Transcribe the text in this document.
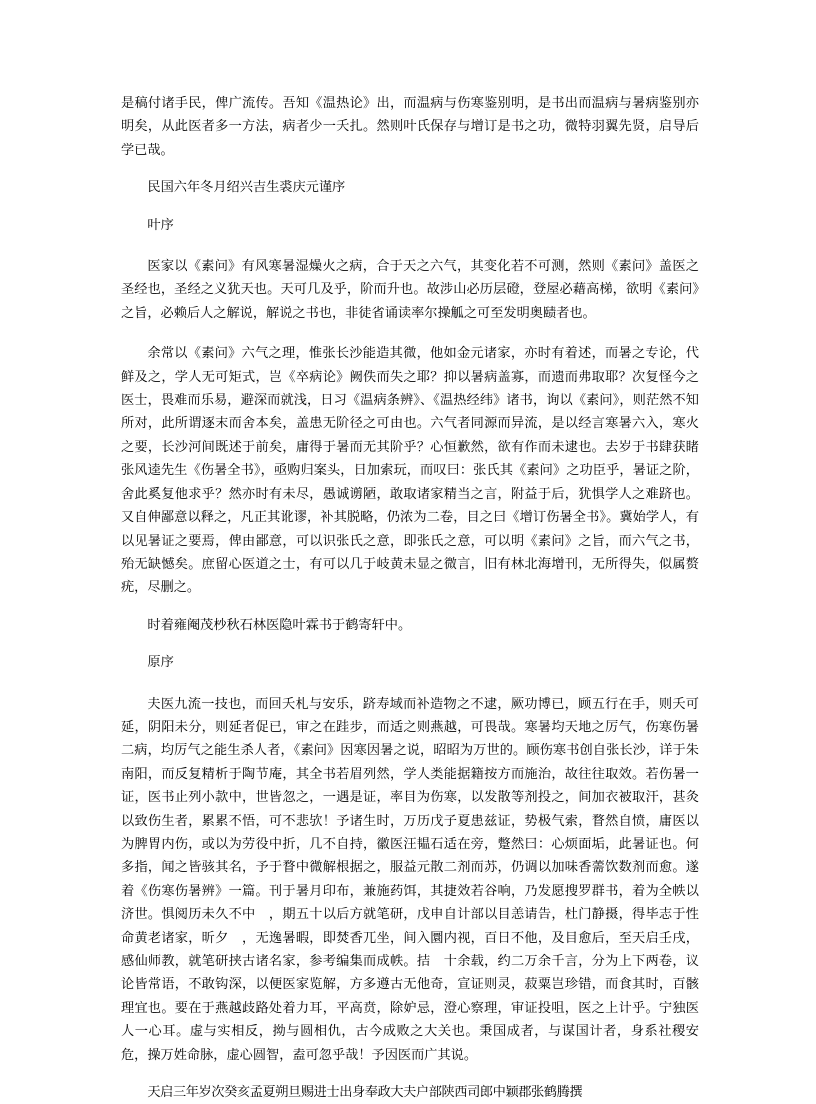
是稿付诸手民，俾广流传。吾知《温热论》出，而温病与伤寒鉴别明，是书出而温病与暑病鉴别亦明矣，从此医者多一方法，病者少一夭扎。然则叶氏保存与增订是书之功，微特羽翼先贤，启导后学已哉。

民国六年冬月绍兴吉生裘庆元谨序

叶序

医家以《素问》有风寒暑湿燥火之病，合于天之六气，其变化若不可测，然则《素问》盖医之圣经也，圣经之义犹天也。天可几及乎，阶而升也。故涉山必历层磴，登屋必藉高梯，欲明《素问》之旨，必赖后人之解说，解说之书也，非徒省诵读率尔操觚之可至发明奥赜者也。

余常以《素问》六气之理，惟张长沙能造其微，他如金元诸家，亦时有着述，而暑之专论，代鲜及之，学人无可矩式，岂《卒病论》阙佚而失之耶？抑以暑病盖寡，而遗而弗取耶？次复怪今之医士，畏难而乐易，避深而就浅，日习《温病条辨》、《温热经纬》诸书，询以《素问》，则茫然不知所对，此所谓逐末而舍本矣，盖患无阶径之可由也。六气者同源而异流，是以经言寒暑六入，寒火之要，长沙河间既述于前矣，庸得于暑而无其阶乎？心恒歉然，欲有作而未逮也。去岁于书肆获睹张风逵先生《伤暑全书》，亟购归案头，日加索玩，而叹曰：张氏其《素问》之功臣乎，暑证之阶，舍此奚复他求乎？然亦时有未尽，愚诚谫陋，敢取诸家精当之言，附益于后，犹惧学人之难跻也。又自伸鄙意以释之，凡正其讹谬，补其脱略，仍浓为二卷，目之曰《增订伤暑全书》。冀始学人，有以见暑证之要焉，俾由鄙意，可以识张氏之意，即张氏之意，可以明《素问》之旨，而六气之书，殆无缺憾矣。庶留心医道之士，有可以几于岐黄未显之微言，旧有林北海增刊，无所得失，似属赘疣，尽删之。

时着雍阉茂杪秋石林医隐叶霖书于鹤寄轩中。

原序

夫医九流一技也，而回夭札与安乐，跻寿域而补造物之不逮，厥功博已，顾五行在手，则夭可延，阴阳未分，则延者促已，审之在跬步，而适之则燕越，可畏哉。寒暑均天地之厉气，伤寒伤暑二病，均厉气之能生杀人者，《素问》因寒因暑之说，昭昭为万世的。顾伤寒书创自张长沙，详于朱南阳，而反复精析于陶节庵，其全书若眉列然，学人类能据籍按方而施治，故往往取效。若伤暑一证，医书止列小款中，世皆忽之，一遇是证，率目为伤寒，以发散等剂投之，间加衣被取汗，甚灸以致伤生者，累累不悟，可不悲欤！予诸生时，万历戊子夏患兹证，势极气索，瞀然自愤，庸医以为脾胃内伤，或以为劳役中折，几不自持，徽医汪韫石适在旁，蹩然曰：心烦面垢，此暑证也。何多指，闻之皆骇其名，予于瞀中微解根据之，服益元散二剂而苏，仍调以加味香薷饮数剂而愈。遂着《伤寒伤暑辨》一篇。刊于暑月印布，兼施药饵，其捷效若谷响，乃发愿搜罗群书，着为全帙以济世。惧阅历未久不中　，期五十以后方就笔研，戊申自计部以目恙请告，杜门静摄，得毕志于性命黄老诸家，昕夕　，无逸暑暇，即焚香兀坐，间入圜内视，百日不他，及目愈后，至天启壬戌，感仙师教，就笔研挟古诸名家，参考编集而成帙。拮　十余载，约二万余千言，分为上下两卷，议论皆常语，不敢钩深，以便医家览解，方多遵古无他奇，宣证则灵，菽粟岂珍错，而食其时，百骸理宜也。要在于燕越歧路处着力耳，平高贲，除妒忌，澄心察理，审证投咀，医之上计乎。宁独医人一心耳。虚与实相反，拗与圆相仇，古今成败之大关也。秉国成者，与谋国计者，身系社稷安危，操万姓命脉，虚心圆智，盍可忽乎哉！予因医而广其说。

天启三年岁次癸亥孟夏朔旦赐进士出身奉政大夫户部陕西司郎中颖郡张鹤腾撰
